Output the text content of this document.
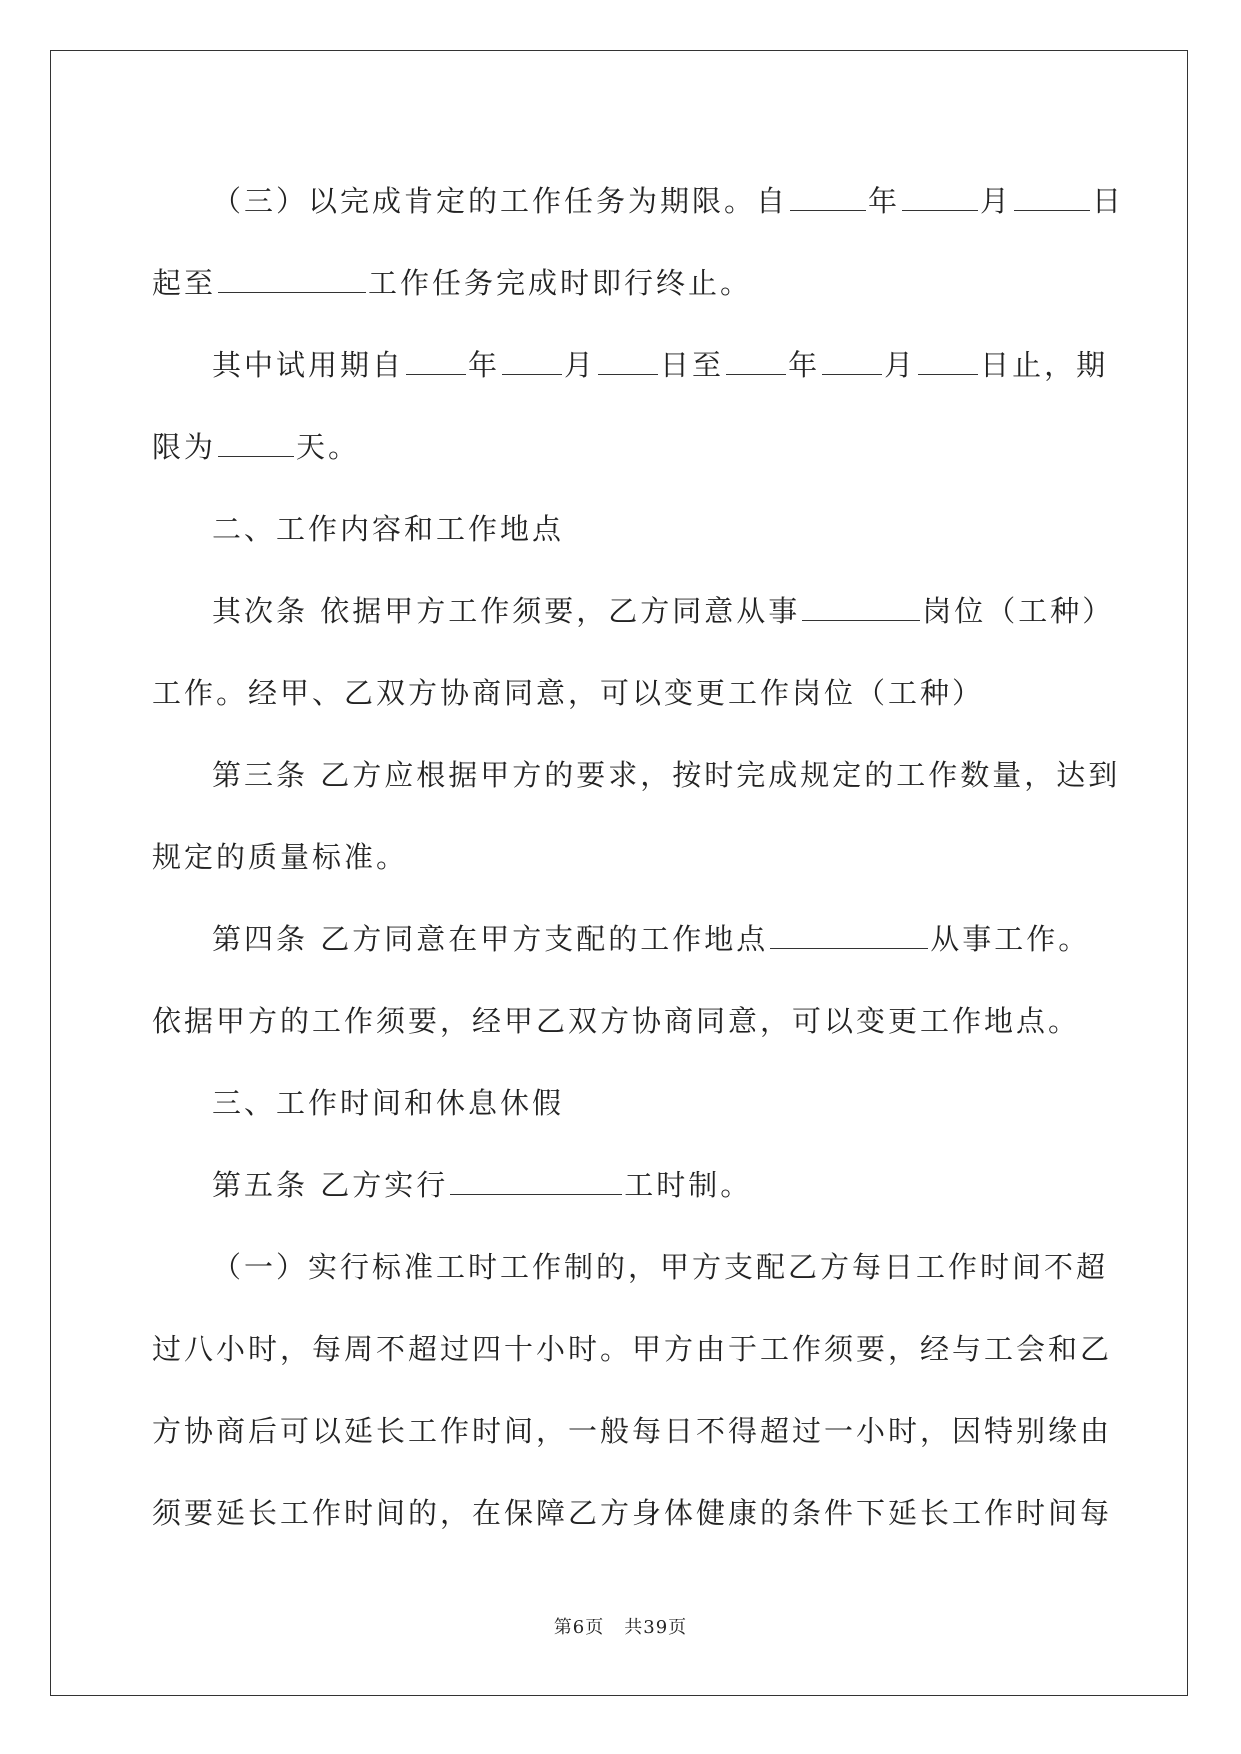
（三）以完成肯定的工作任务为期限。自	年	月	日
起至	工作任务完成时即行终止。
其中试用期自 年 月 日至 年 月 日止，期
限为	天。
二、工作内容和工作地点
其次条 依据甲方工作须要，乙方同意从事	岗位（工种）
工作。经甲、乙双方协商同意，可以变更工作岗位（工种）
第三条 乙方应根据甲方的要求，按时完成规定的工作数量，达到
规定的质量标准。
第四条 乙方同意在甲方支配的工作地点	从事工作。
依据甲方的工作须要，经甲乙双方协商同意，可以变更工作地点。
三、工作时间和休息休假
第五条 乙方实行	工时制。
（一）实行标准工时工作制的，甲方支配乙方每日工作时间不超
过八小时，每周不超过四十小时。甲方由于工作须要，经与工会和乙
方协商后可以延长工作时间，一般每日不得超过一小时，因特别缘由
须要延长工作时间的，在保障乙方身体健康的条件下延长工作时间每
第6页 共39页
